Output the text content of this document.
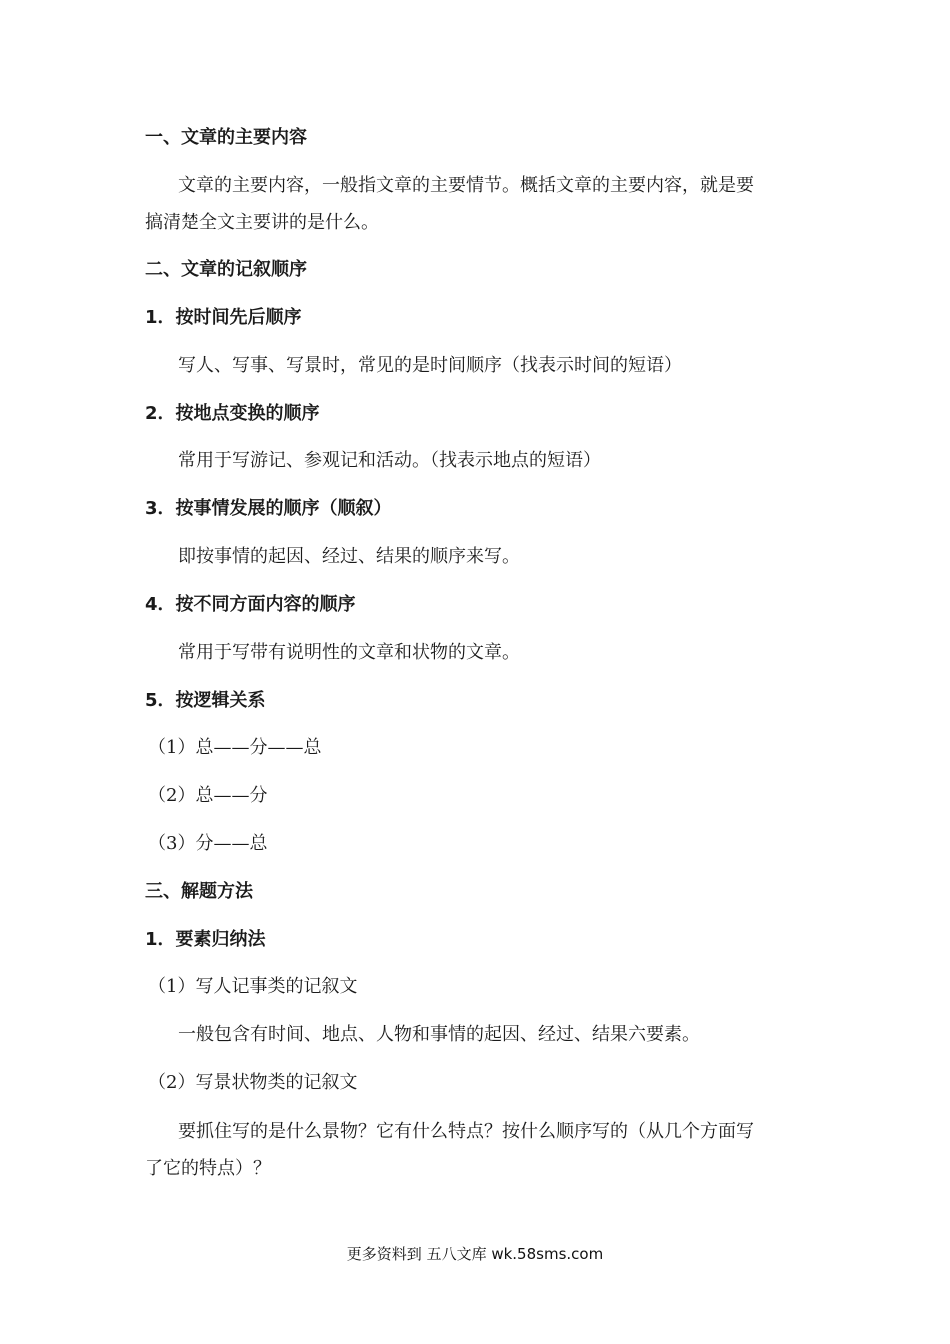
一、文章的主要内容
文章的主要内容，一般指文章的主要情节。概括文章的主要内容，就是要
搞清楚全文主要讲的是什么。
二、文章的记叙顺序
1．按时间先后顺序
写人、写事、写景时，常见的是时间顺序（找表示时间的短语）
2．按地点变换的顺序
常用于写游记、参观记和活动。（找表示地点的短语）
3．按事情发展的顺序（顺叙）
即按事情的起因、经过、结果的顺序来写。
4．按不同方面内容的顺序
常用于写带有说明性的文章和状物的文章。
5．按逻辑关系
（1）总——分——总
（2）总——分
（3）分——总
三、解题方法
1．要素归纳法
（1）写人记事类的记叙文
一般包含有时间、地点、人物和事情的起因、经过、结果六要素。
（2）写景状物类的记叙文
要抓住写的是什么景物？它有什么特点？按什么顺序写的（从几个方面写
了它的特点）？
更多资料到 五八文库 wk.58sms.com
